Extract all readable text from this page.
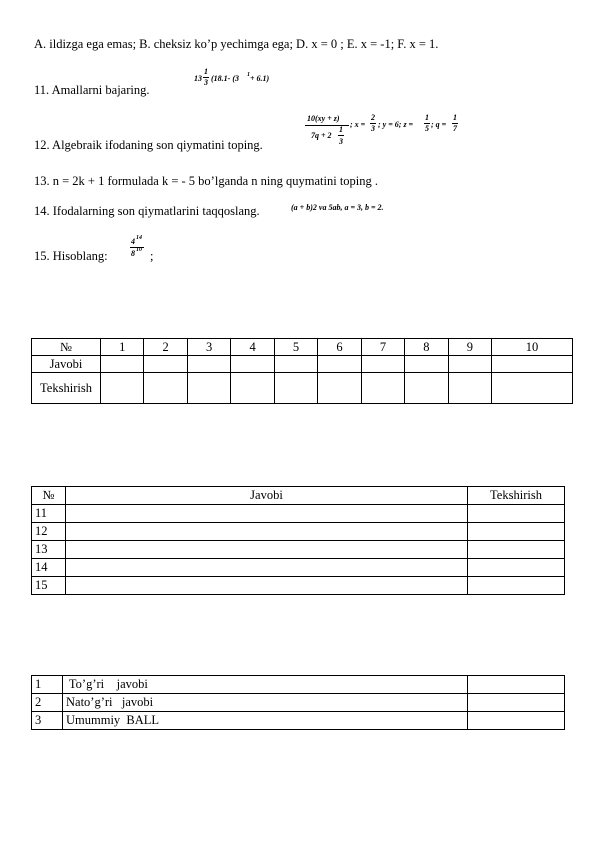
A. ildizga ega emas; B. cheksiz ko’p yechimga ega; D. x = 0 ; E. x = -1; F. x = 1.
11. Amallarni bajaring.
13
1
3 (18.1- (3 1 + 6.1)
12. Algebraik ifodaning son qiymatini toping.
10(xy + z)
7q + 2
1
3
; x =
2
3 ; y = 6; z =
1
5 ; q =
1
7
13. n = 2k + 1 formulada k = - 5 bo’lganda n ning quymatini toping .
14. Ifodalarning son qiymatlarini taqqoslang.	(a + b)2 va 5ab, a = 3, b = 2.
15. Hisoblang:
4 14
8 10 ;
№	1	2	3	4	5	6	7	8	9	10
Javobi										
Tekshirish										
№	Javobi	Tekshirish
11		
12		
13		
14		
15		
1	To’g’ri    javobi	
2	Nato’g’ri   javobi	
3	Umummiy  BALL	
